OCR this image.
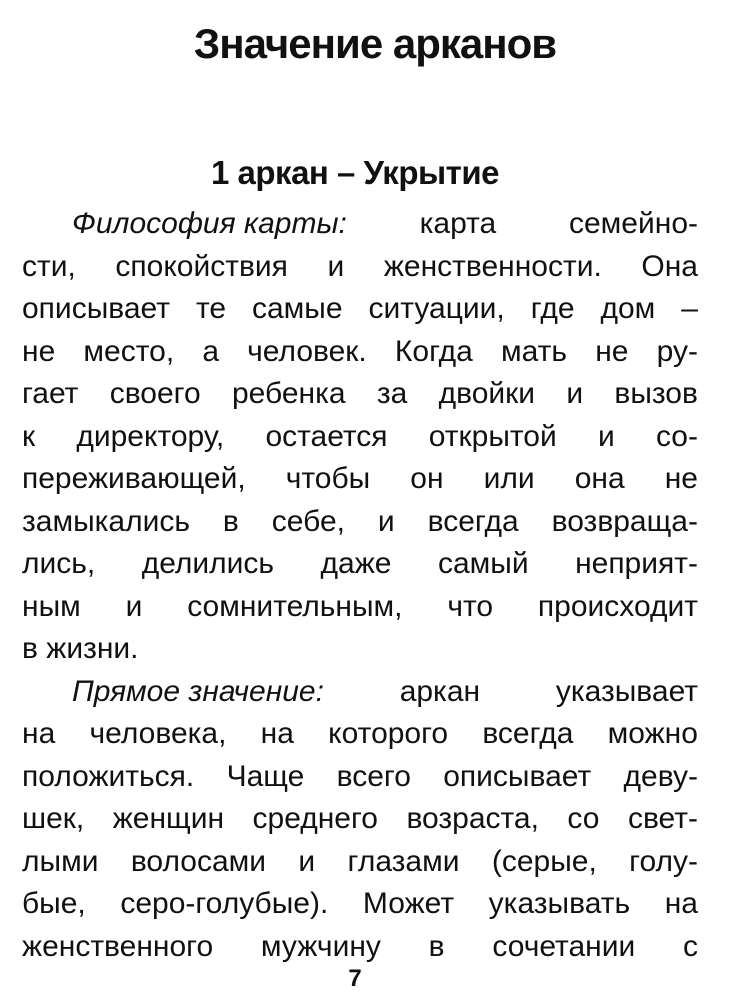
Значение арканов
1 аркан – Укрытие
Философия карты: карта семейно-
сти, спокойствия и женственности. Она
описывает те самые ситуации, где дом –
не место, а человек. Когда мать не ру-
гает своего ребенка за двойки и вызов
к директору, остается открытой и со-
переживающей, чтобы он или она не
замыкались в себе, и всегда возвраща-
лись, делились даже самый неприят-
ным и сомнительным, что происходит
в жизни.
Прямое значение:	аркан	указывает
на человека, на которого всегда можно
положиться. Чаще всего описывает деву-
шек, женщин среднего возраста, со свет-
лыми волосами и глазами (серые, голу-
бые, серо-голубые). Может указывать на
женственного мужчину в сочетании с
7
